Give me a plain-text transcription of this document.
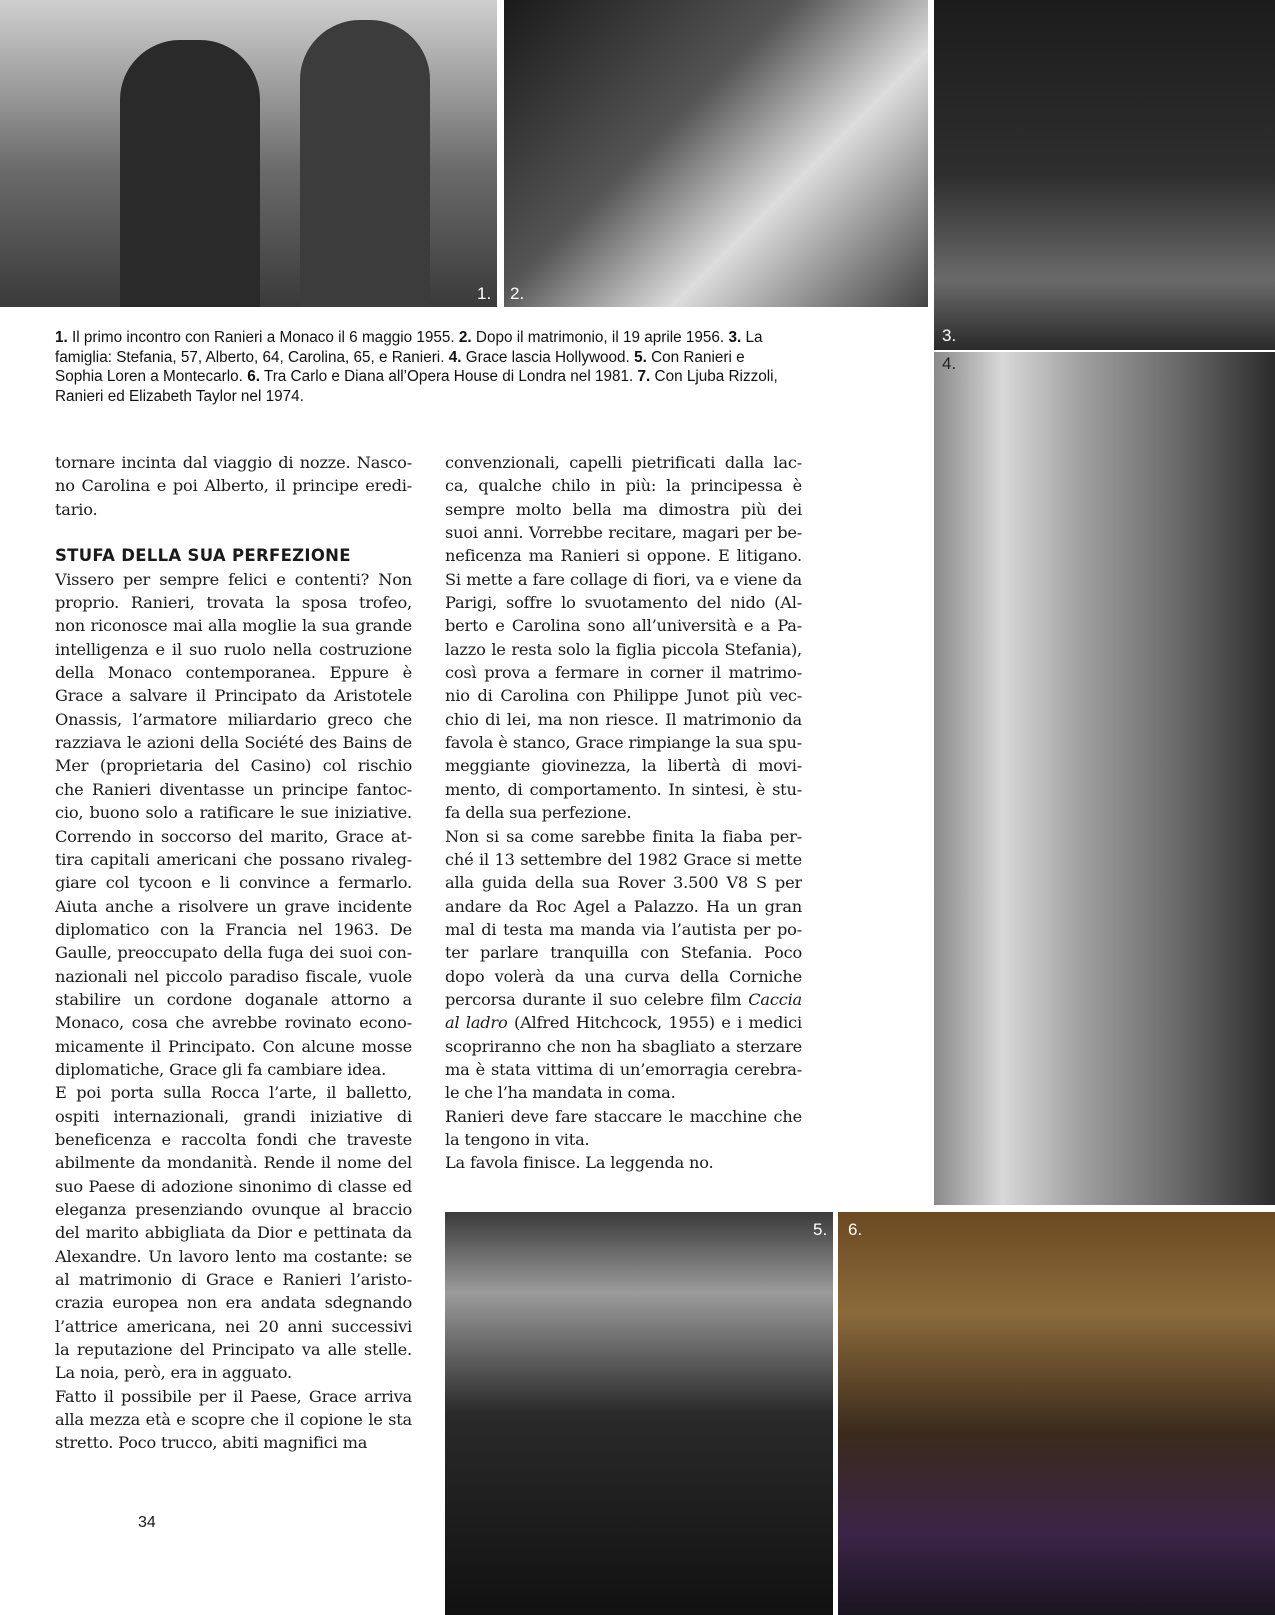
1. 2.
3.
4.
5. 6.
1. Il primo incontro con Ranieri a Monaco il 6 maggio 1955. 2. Dopo il matrimonio, il 19 aprile 1956. 3. La famiglia: Stefania, 57, Alberto, 64, Carolina, 65, e Ranieri. 4. Grace lascia Hollywood. 5. Con Ranieri e Sophia Loren a Montecarlo. 6. Tra Carlo e Diana all’Opera House di Londra nel 1981. 7. Con Ljuba Rizzoli, Ranieri ed Elizabeth Taylor nel 1974.
tornare incinta dal viaggio di nozze. Nasco-
no Carolina e poi Alberto, il principe eredi-
tario.
STUFA DELLA SUA PERFEZIONE
Vissero per sempre felici e contenti? Non
proprio. Ranieri, trovata la sposa trofeo,
non riconosce mai alla moglie la sua grande
intelligenza e il suo ruolo nella costruzione
della Monaco contemporanea. Eppure è
Grace a salvare il Principato da Aristotele
Onassis, l’armatore miliardario greco che
razziava le azioni della Société des Bains de
Mer (proprietaria del Casino) col rischio
che Ranieri diventasse un principe fantoc-
cio, buono solo a ratificare le sue iniziative.
Correndo in soccorso del marito, Grace at-
tira capitali americani che possano rivaleg-
giare col tycoon e li convince a fermarlo.
Aiuta anche a risolvere un grave incidente
diplomatico con la Francia nel 1963. De
Gaulle, preoccupato della fuga dei suoi con-
nazionali nel piccolo paradiso fiscale, vuole
stabilire un cordone doganale attorno a
Monaco, cosa che avrebbe rovinato econo-
micamente il Principato. Con alcune mosse
diplomatiche, Grace gli fa cambiare idea.
E poi porta sulla Rocca l’arte, il balletto,
ospiti internazionali, grandi iniziative di
beneficenza e raccolta fondi che traveste
abilmente da mondanità. Rende il nome del
suo Paese di adozione sinonimo di classe ed
eleganza presenziando ovunque al braccio
del marito abbigliata da Dior e pettinata da
Alexandre. Un lavoro lento ma costante: se
al matrimonio di Grace e Ranieri l’aristo-
crazia europea non era andata sdegnando
l’attrice americana, nei 20 anni successivi
la reputazione del Principato va alle stelle.
La noia, però, era in agguato.
Fatto il possibile per il Paese, Grace arriva
alla mezza età e scopre che il copione le sta
stretto. Poco trucco, abiti magnifici ma
convenzionali, capelli pietrificati dalla lac-
ca, qualche chilo in più: la principessa è
sempre molto bella ma dimostra più dei
suoi anni. Vorrebbe recitare, magari per be-
neficenza ma Ranieri si oppone. E litigano.
Si mette a fare collage di fiori, va e viene da
Parigi, soffre lo svuotamento del nido (Al-
berto e Carolina sono all’università e a Pa-
lazzo le resta solo la figlia piccola Stefania),
così prova a fermare in corner il matrimo-
nio di Carolina con Philippe Junot più vec-
chio di lei, ma non riesce. Il matrimonio da
favola è stanco, Grace rimpiange la sua spu-
meggiante giovinezza, la libertà di movi-
mento, di comportamento. In sintesi, è stu-
fa della sua perfezione.
Non si sa come sarebbe finita la fiaba per-
ché il 13 settembre del 1982 Grace si mette
alla guida della sua Rover 3.500 V8 S per
andare da Roc Agel a Palazzo. Ha un gran
mal di testa ma manda via l’autista per po-
ter parlare tranquilla con Stefania. Poco
dopo volerà da una curva della Corniche
percorsa durante il suo celebre film Caccia
al ladro (Alfred Hitchcock, 1955) e i medici
scopriranno che non ha sbagliato a sterzare
ma è stata vittima di un’emorragia cerebra-
le che l’ha mandata in coma.
Ranieri deve fare staccare le macchine che
la tengono in vita.
La favola finisce. La leggenda no.
34
